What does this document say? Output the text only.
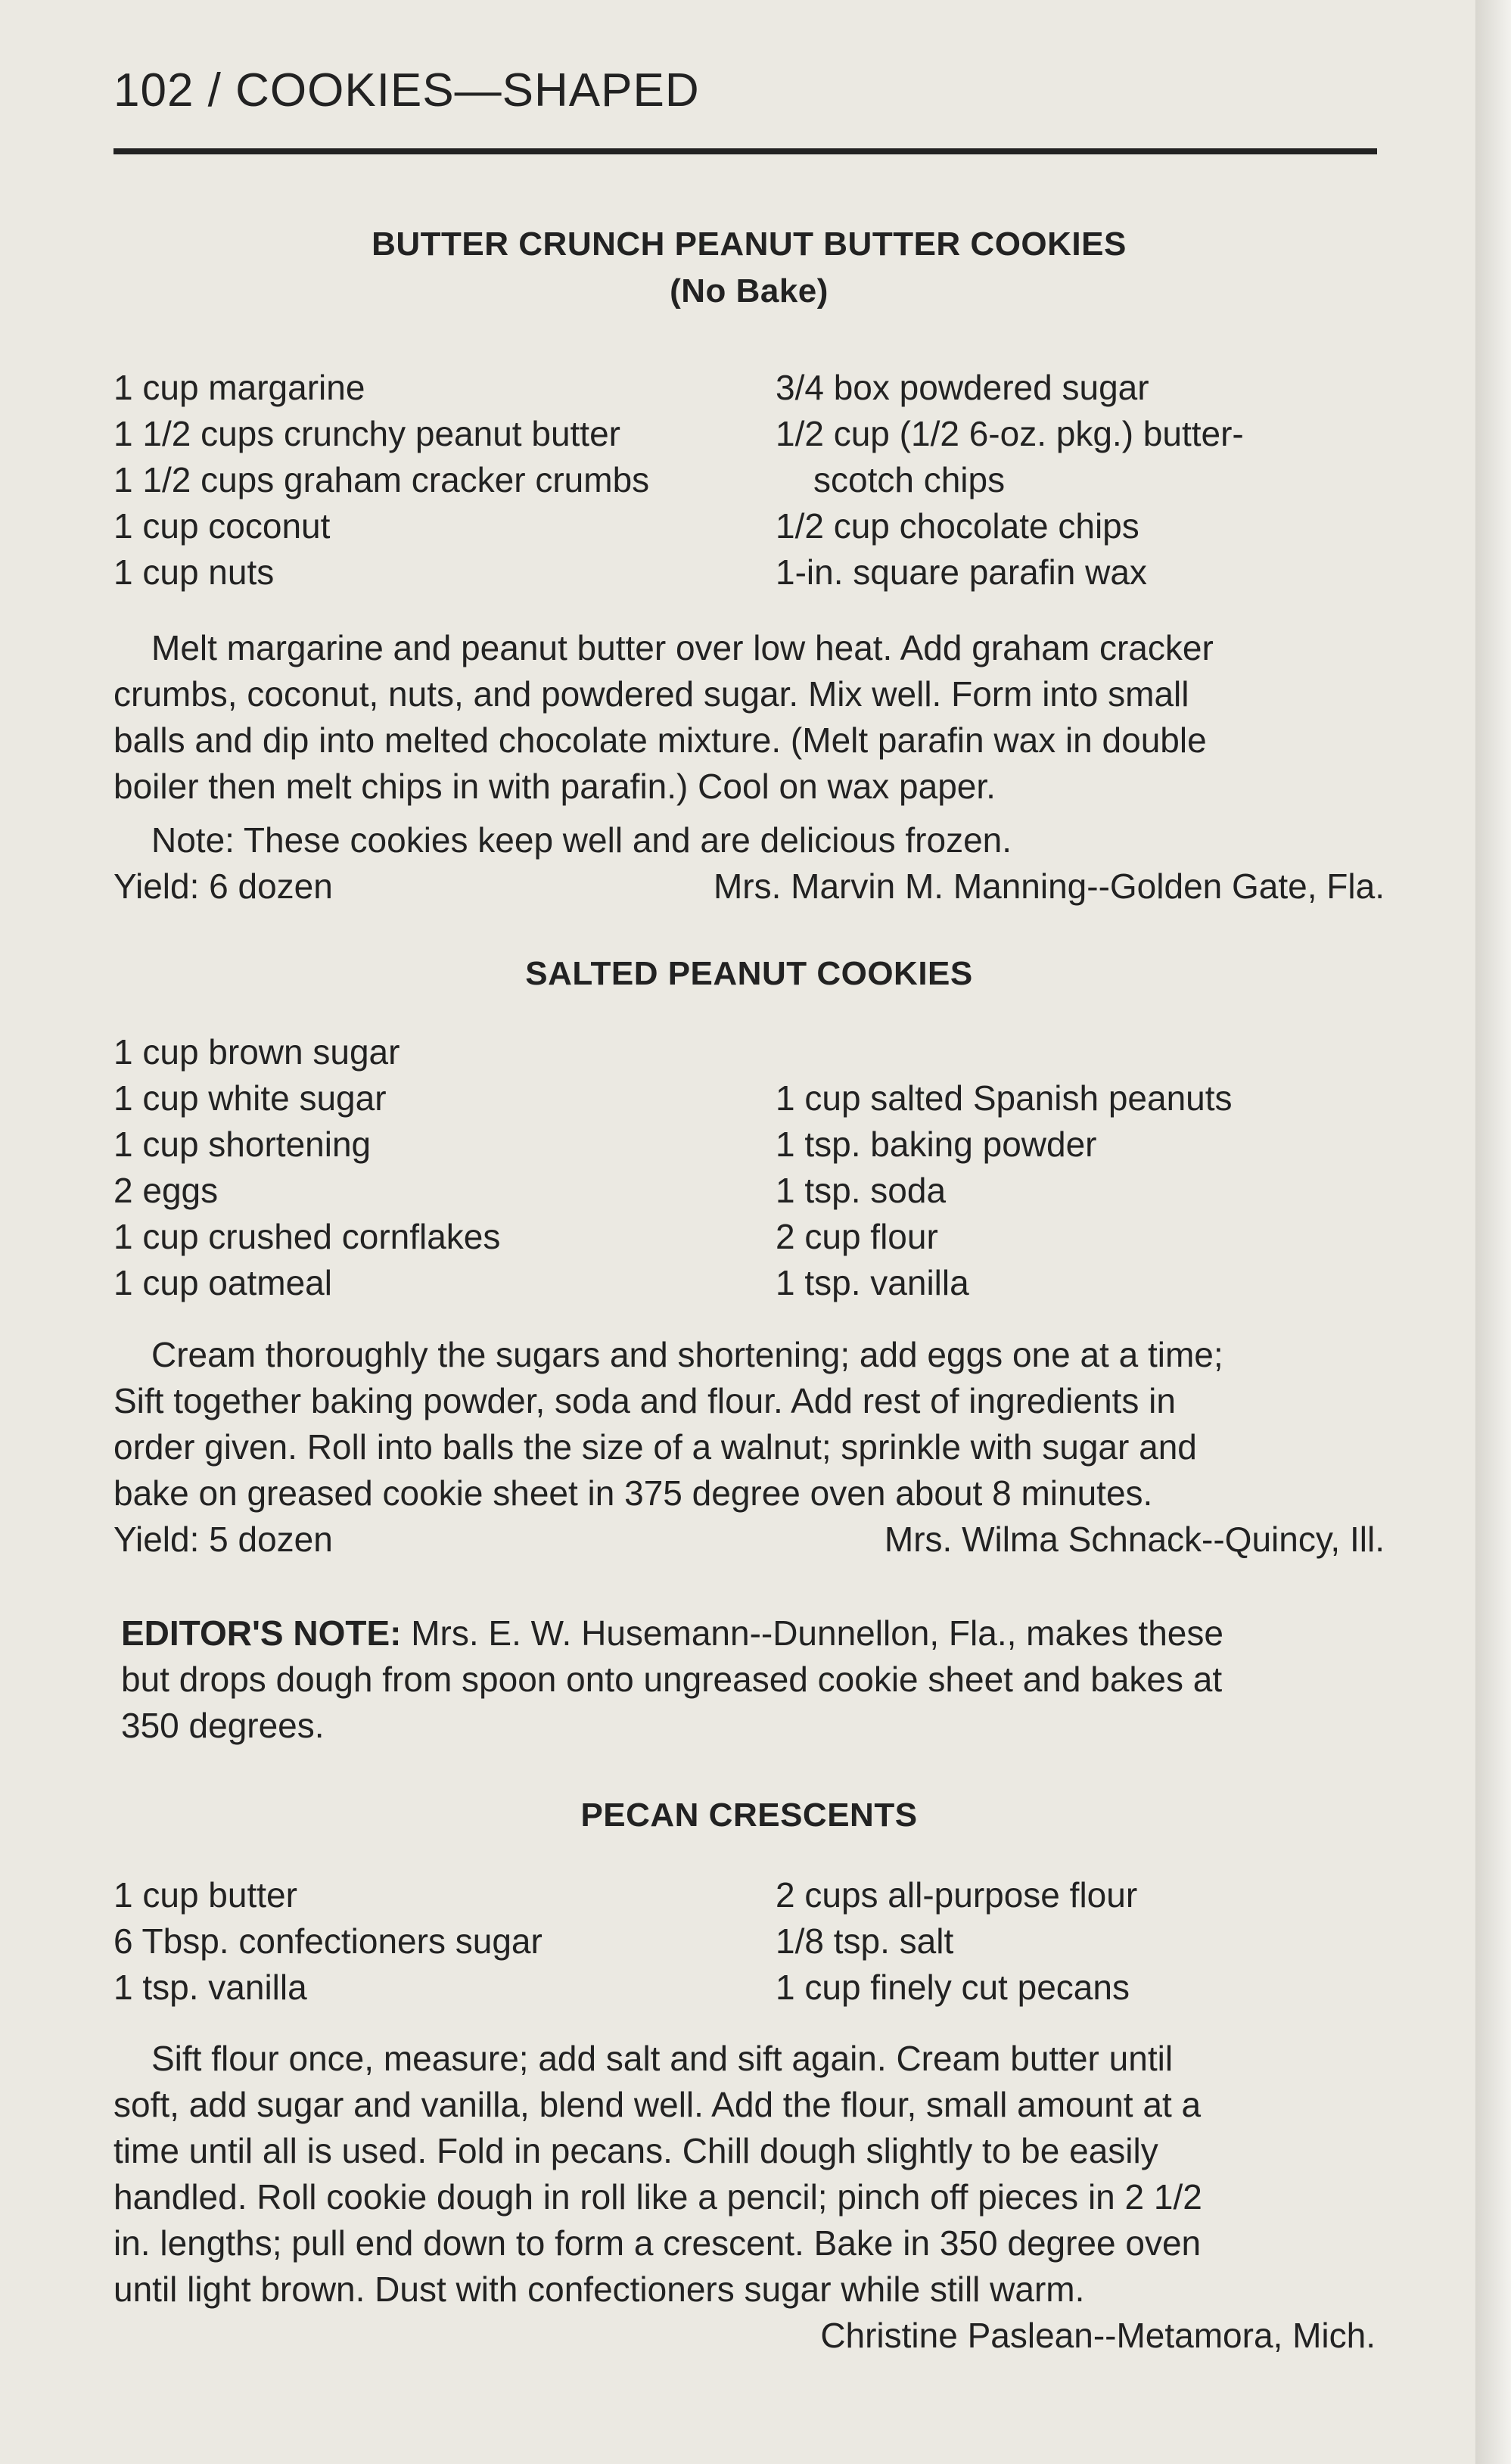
102 / COOKIES—SHAPED
BUTTER CRUNCH PEANUT BUTTER COOKIES
(No Bake)
1 cup margarine
1 1/2 cups crunchy peanut butter
1 1/2 cups graham cracker crumbs
1 cup coconut
1 cup nuts
3/4 box powdered sugar
1/2 cup (1/2 6-oz. pkg.) butter-
scotch chips
1/2 cup chocolate chips
1-in. square parafin wax
Melt margarine and peanut butter over low heat. Add graham cracker
crumbs, coconut, nuts, and powdered sugar. Mix well. Form into small
balls and dip into melted chocolate mixture. (Melt parafin wax in double
boiler then melt chips in with parafin.) Cool on wax paper.
Note: These cookies keep well and are delicious frozen.
Yield: 6 dozen	Mrs. Marvin M. Manning--Golden Gate, Fla.
SALTED PEANUT COOKIES
1 cup brown sugar
1 cup white sugar
1 cup shortening
2 eggs
1 cup crushed cornflakes
1 cup oatmeal
1 cup salted Spanish peanuts
1 tsp. baking powder
1 tsp. soda
2 cup flour
1 tsp. vanilla
Cream thoroughly the sugars and shortening; add eggs one at a time;
Sift together baking powder, soda and flour. Add rest of ingredients in
order given. Roll into balls the size of a walnut; sprinkle with sugar and
bake on greased cookie sheet in 375 degree oven about 8 minutes.
Yield: 5 dozen	Mrs. Wilma Schnack--Quincy, Ill.
EDITOR'S NOTE: Mrs. E. W. Husemann--Dunnellon, Fla., makes these
but drops dough from spoon onto ungreased cookie sheet and bakes at
350 degrees.
PECAN CRESCENTS
1 cup butter
6 Tbsp. confectioners sugar
1 tsp. vanilla
2 cups all-purpose flour
1/8 tsp. salt
1 cup finely cut pecans
Sift flour once, measure; add salt and sift again. Cream butter until
soft, add sugar and vanilla, blend well. Add the flour, small amount at a
time until all is used. Fold in pecans. Chill dough slightly to be easily
handled. Roll cookie dough in roll like a pencil; pinch off pieces in 2 1/2
in. lengths; pull end down to form a crescent. Bake in 350 degree oven
until light brown. Dust with confectioners sugar while still warm.
Christine Paslean--Metamora, Mich.
